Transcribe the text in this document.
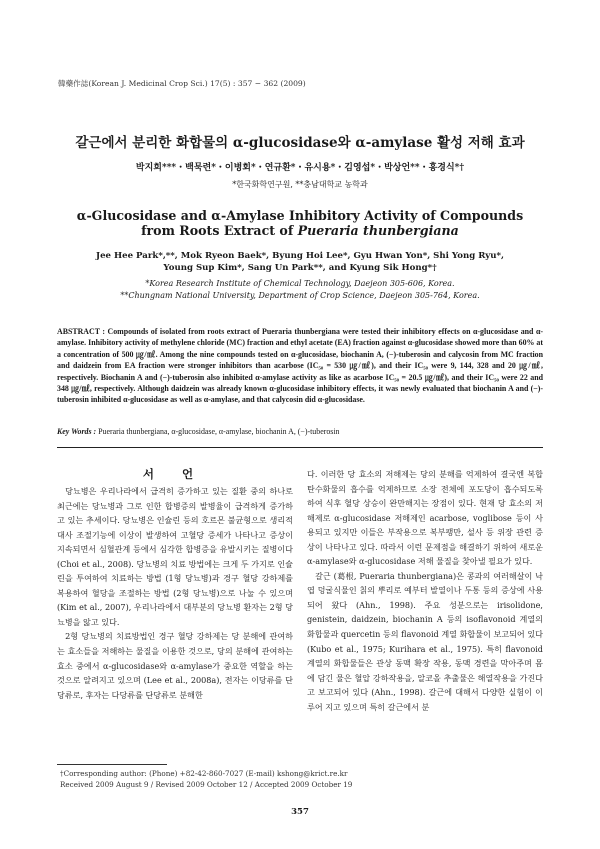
韓藥作誌(Korean J. Medicinal Crop Sci.) 17(5) : 357 − 362 (2009)
갈근에서 분리한 화합물의 α-glucosidase와 α-amylase 활성 저해 효과
박지희***・백묵련*・이병회*・연규환*・유시용*・김영섭*・박상언**・홍경식*†
*한국화학연구원, **충남대학교 농학과
α-Glucosidase and α-Amylase Inhibitory Activity of Compounds
from Roots Extract of Pueraria thunbergiana
Jee Hee Park*,**, Mok Ryeon Baek*, Byung Hoi Lee*, Gyu Hwan Yon*, Shi Yong Ryu*,
Young Sup Kim*, Sang Un Park**, and Kyung Sik Hong*†
*Korea Research Institute of Chemical Technology, Daejeon 305-606, Korea.
**Chungnam National University, Department of Crop Science, Daejeon 305-764, Korea.
ABSTRACT : Compounds of isolated from roots extract of Pueraria thunbergiana were tested their inhibitory effects on α-glucosidase and α-amylase. Inhibitory activity of methylene chloride (MC) fraction and ethyl acetate (EA) fraction against α-glucosidase showed more than 60% at a concentration of 500 ㎍/㎖. Among the nine compounds tested on α-glucosidase, biochanin A, (−)-tuberosin and calycosin from MC fraction and daidzein from EA fraction were stronger inhibitors than acarbose (IC₅₀ = 530 ㎍/㎖), and their IC₅₀ were 9, 144, 328 and 20 ㎍/㎖, respectively. Biochanin A and (−)-tuberosin also inhibited α-amylase activity as like as acarbose IC₅₀ = 20.5 ㎍/㎖), and their IC₅₀ were 22 and 348 ㎍/㎖, respectively. Although daidzein was already known α-glucosidase inhibitory effects, it was newly evaluated that biochanin A and (−)-tuberosin inhibited α-glucosidase as well as α-amylase, and that calycosin did α-glucosidase.
Key Words : Pueraria thunbergiana, α-glucosidase, α-amylase, biochanin A, (−)-tuberosin
서 언

당뇨병은 우리나라에서 급격히 증가하고 있는 질환 중의 하나로 최근에는 당뇨병과 그로 인한 합병증의 발병율이 급격하게 증가하고 있는 추세이다. 당뇨병은 인슐린 등의 호르몬 불균형으로 생리적 대사 조절기능에 이상이 발생하여 고혈당 증세가 나타나고 증상이 지속되면서 심혈관계 등에서 심각한 합병증을 유발시키는 질병이다 (Choi et al., 2008). 당뇨병의 치료 방법에는 크게 두 가지로 인슐린을 투여하여 치료하는 방법 (1형 당뇨병)과 경구 혈당 강하제를 복용하여 혈당을 조절하는 방법 (2형 당뇨병)으로 나눌 수 있으며 (Kim et al., 2007), 우리나라에서 대부분의 당뇨병 환자는 2형 당뇨병을 앓고 있다.

2형 당뇨병의 치료방법인 경구 혈당 강하제는 당 분해에 관여하는 효소들을 저해하는 물질을 이용한 것으로, 당의 분해에 관여하는 효소 중에서 α-glucosidase와 α-amylase가 중요한 역할을 하는 것으로 알려지고 있으며 (Lee et al., 2008a), 전자는 이당류를 단당류로, 후자는 다당류를 단당류로 분해한

다. 이러한 당 효소의 저해제는 당의 분해를 억제하여 결국엔 복합 탄수화물의 흡수를 억제하므로 소장 전체에 포도당이 흡수되도록 하여 식후 혈당 상승이 완만해지는 장점이 있다. 현재 당 효소의 저해제로 α-glucosidase 저해제인 acarbose, voglibose 등이 사용되고 있지만 이들은 부작용으로 복부팽만, 설사 등 위장 관련 증상이 나타나고 있다. 따라서 이런 문제점을 해결하기 위하여 새로운 α-amylase와 α-glucosidase 저해 물질을 찾아낼 필요가 있다.

갈근 (葛根, Pueraria thunbergiana)은 콩과의 여러해살이 낙엽 덩굴식물인 칡의 뿌리로 예부터 발열이나 두통 등의 증상에 사용되어 왔다 (Ahn., 1998). 주요 성분으로는 irisolidone, genistein, daidzein, biochanin A 등의 isoflavonoid 계열의 화합물과 quercetin 등의 flavonoid 계열 화합물이 보고되어 있다 (Kubo et al., 1975; Kurihara et al., 1975). 특히 flavonoid 계열의 화합물들은 관상 동맥 확장 작용, 동맥 경련을 막아주며 몸에 담긴 물은 혈압 강하작용을, 알코올 추출물은 해열작용을 가진다고 보고되어 있다 (Ahn., 1998). 갈근에 대해서 다양한 실험이 이루어 지고 있으며 특히 갈근에서 분

†Corresponding author: (Phone) +82-42-860-7027 (E-mail) kshong@krict.re.kr
Received 2009 August 9 / Revised 2009 October 12 / Accepted 2009 October 19
357
